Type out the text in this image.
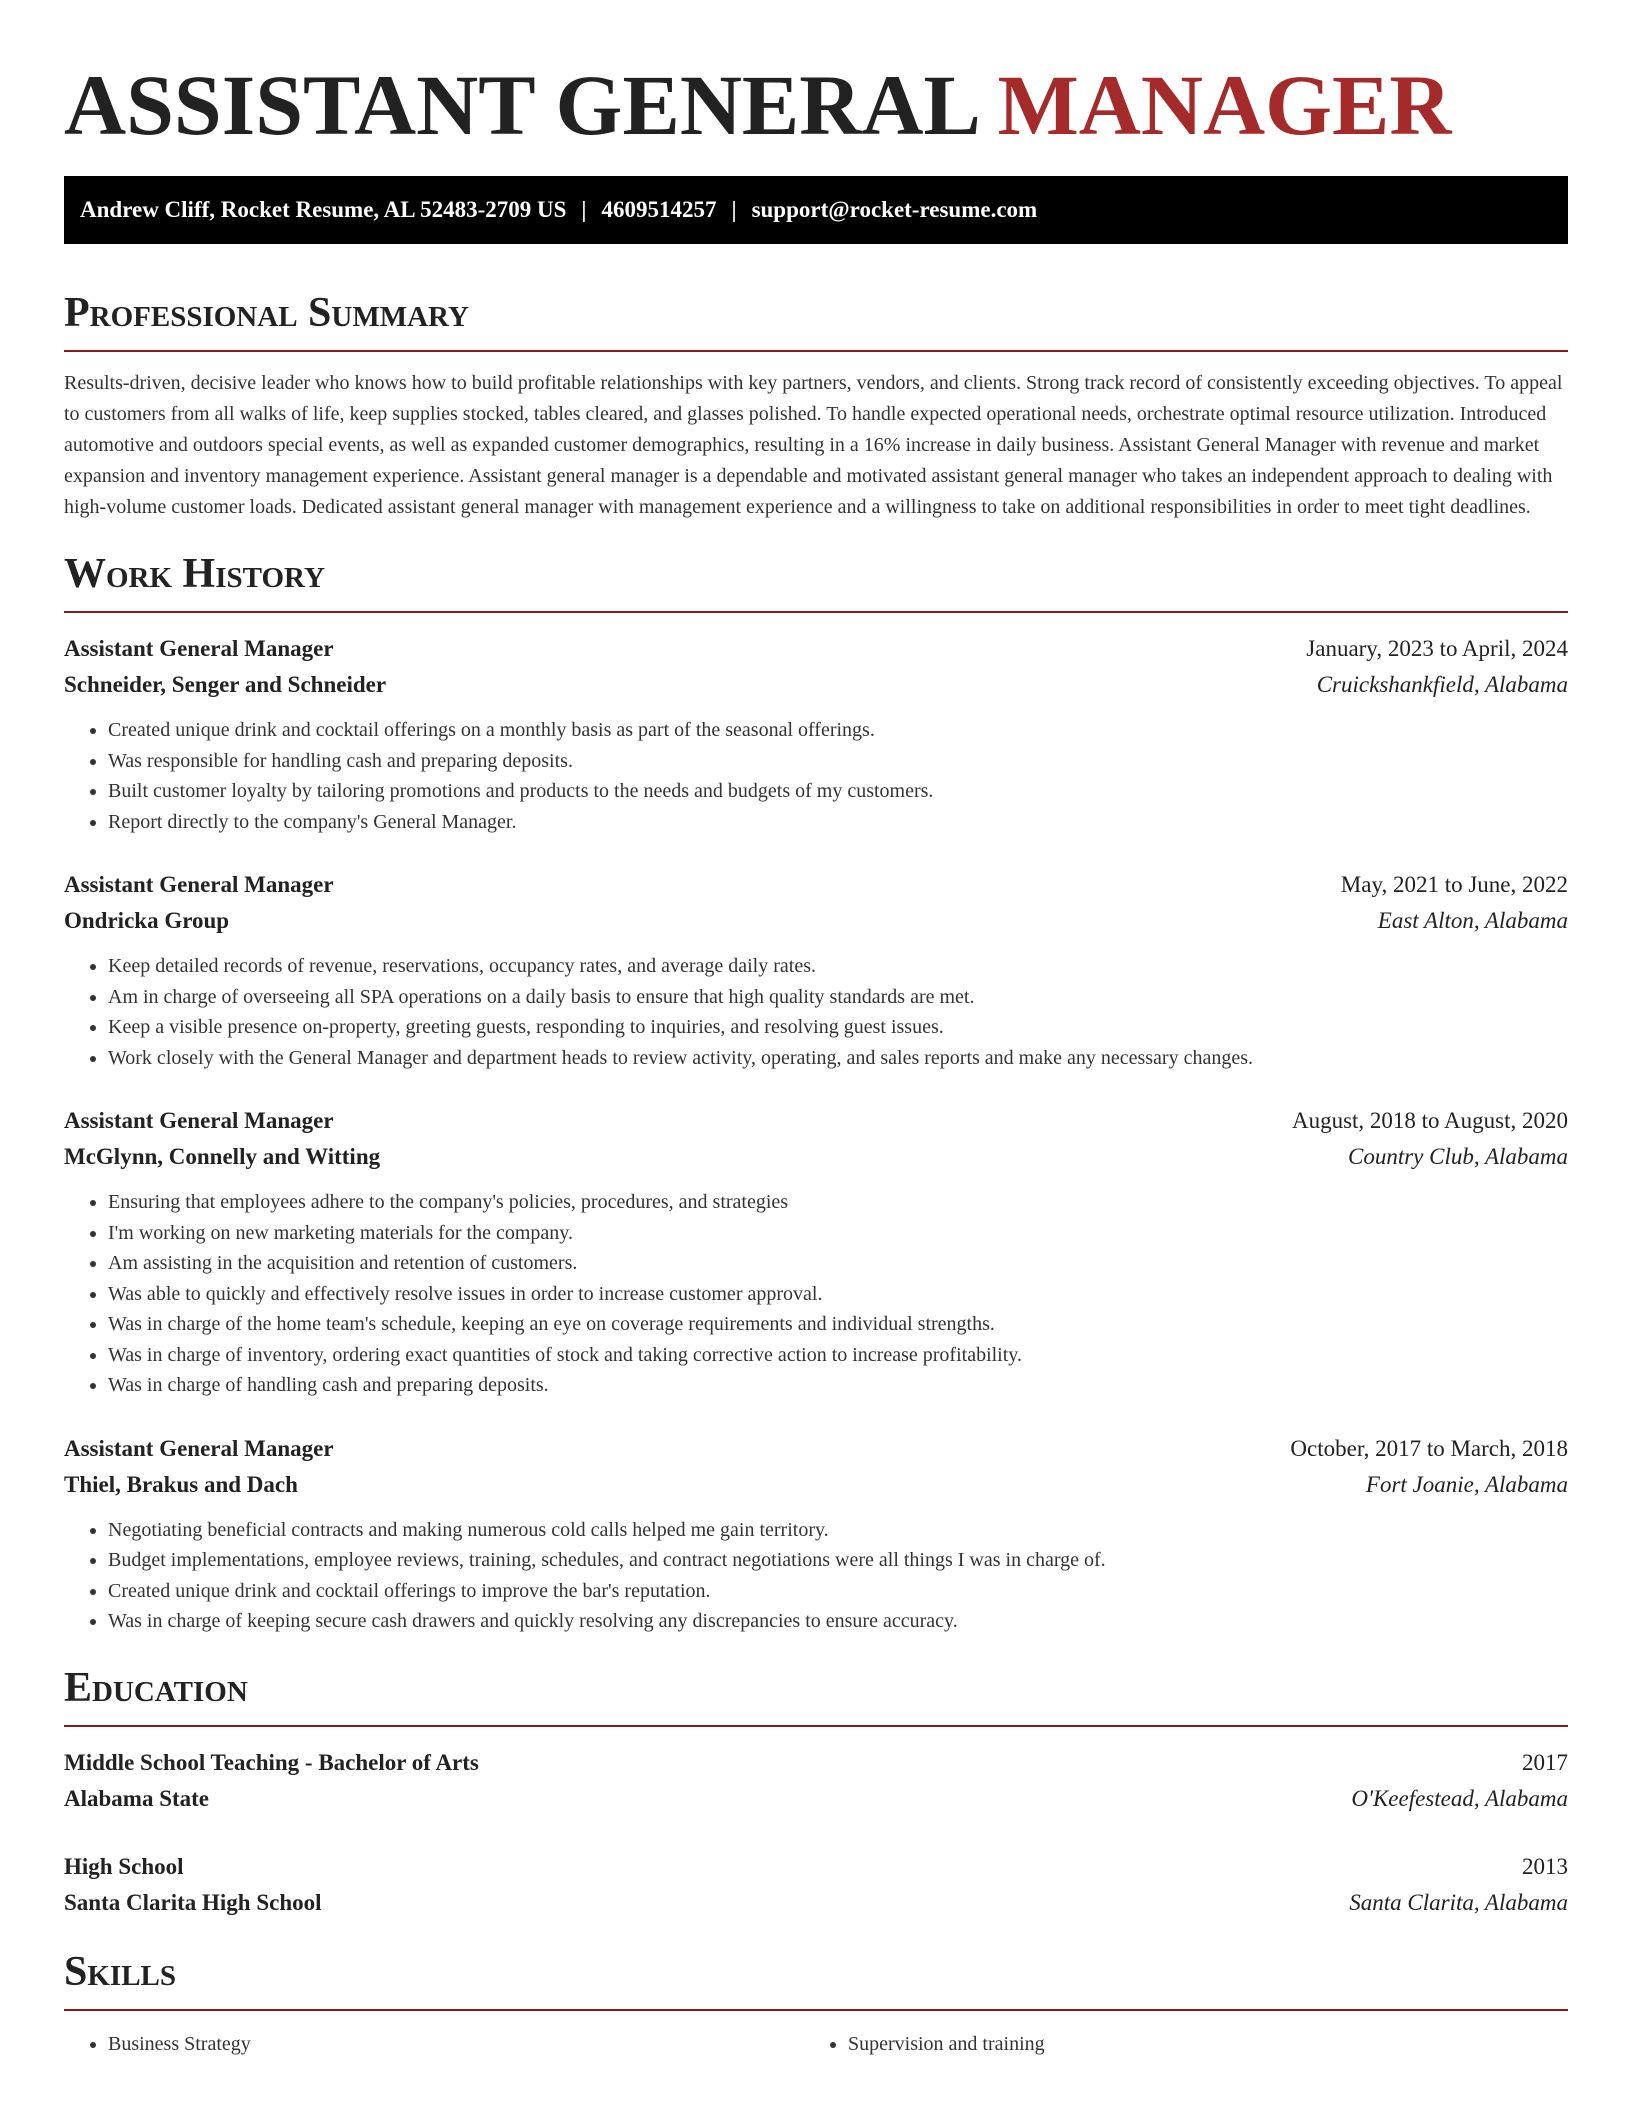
ASSISTANT GENERAL MANAGER
Andrew Cliff, Rocket Resume, AL 52483-2709 US | 4609514257 | support@rocket-resume.com
Professional Summary

Results-driven, decisive leader who knows how to build profitable relationships with key partners, vendors, and clients. Strong track record of consistently exceeding objectives. To appeal to customers from all walks of life, keep supplies stocked, tables cleared, and glasses polished. To handle expected operational needs, orchestrate optimal resource utilization. Introduced automotive and outdoors special events, as well as expanded customer demographics, resulting in a 16% increase in daily business. Assistant General Manager with revenue and market expansion and inventory management experience. Assistant general manager is a dependable and motivated assistant general manager who takes an independent approach to dealing with high-volume customer loads. Dedicated assistant general manager with management experience and a willingness to take on additional responsibilities in order to meet tight deadlines.

Work History
Assistant General Manager	January, 2023 to April, 2024
Schneider, Senger and Schneider	Cruickshankfield, Alabama
• Created unique drink and cocktail offerings on a monthly basis as part of the seasonal offerings.
• Was responsible for handling cash and preparing deposits.
• Built customer loyalty by tailoring promotions and products to the needs and budgets of my customers.
• Report directly to the company's General Manager.
Assistant General Manager	May, 2021 to June, 2022
Ondricka Group	East Alton, Alabama
• Keep detailed records of revenue, reservations, occupancy rates, and average daily rates.
• Am in charge of overseeing all SPA operations on a daily basis to ensure that high quality standards are met.
• Keep a visible presence on-property, greeting guests, responding to inquiries, and resolving guest issues.
• Work closely with the General Manager and department heads to review activity, operating, and sales reports and make any necessary changes.
Assistant General Manager	August, 2018 to August, 2020
McGlynn, Connelly and Witting	Country Club, Alabama
• Ensuring that employees adhere to the company's policies, procedures, and strategies
• I'm working on new marketing materials for the company.
• Am assisting in the acquisition and retention of customers.
• Was able to quickly and effectively resolve issues in order to increase customer approval.
• Was in charge of the home team's schedule, keeping an eye on coverage requirements and individual strengths.
• Was in charge of inventory, ordering exact quantities of stock and taking corrective action to increase profitability.
• Was in charge of handling cash and preparing deposits.
Assistant General Manager	October, 2017 to March, 2018
Thiel, Brakus and Dach	Fort Joanie, Alabama
• Negotiating beneficial contracts and making numerous cold calls helped me gain territory.
• Budget implementations, employee reviews, training, schedules, and contract negotiations were all things I was in charge of.
• Created unique drink and cocktail offerings to improve the bar's reputation.
• Was in charge of keeping secure cash drawers and quickly resolving any discrepancies to ensure accuracy.
Education
Middle School Teaching - Bachelor of Arts	2017
Alabama State	O'Keefestead, Alabama
High School	2013
Santa Clarita High School	Santa Clarita, Alabama
Skills
• Business Strategy
•	Supervision and training
